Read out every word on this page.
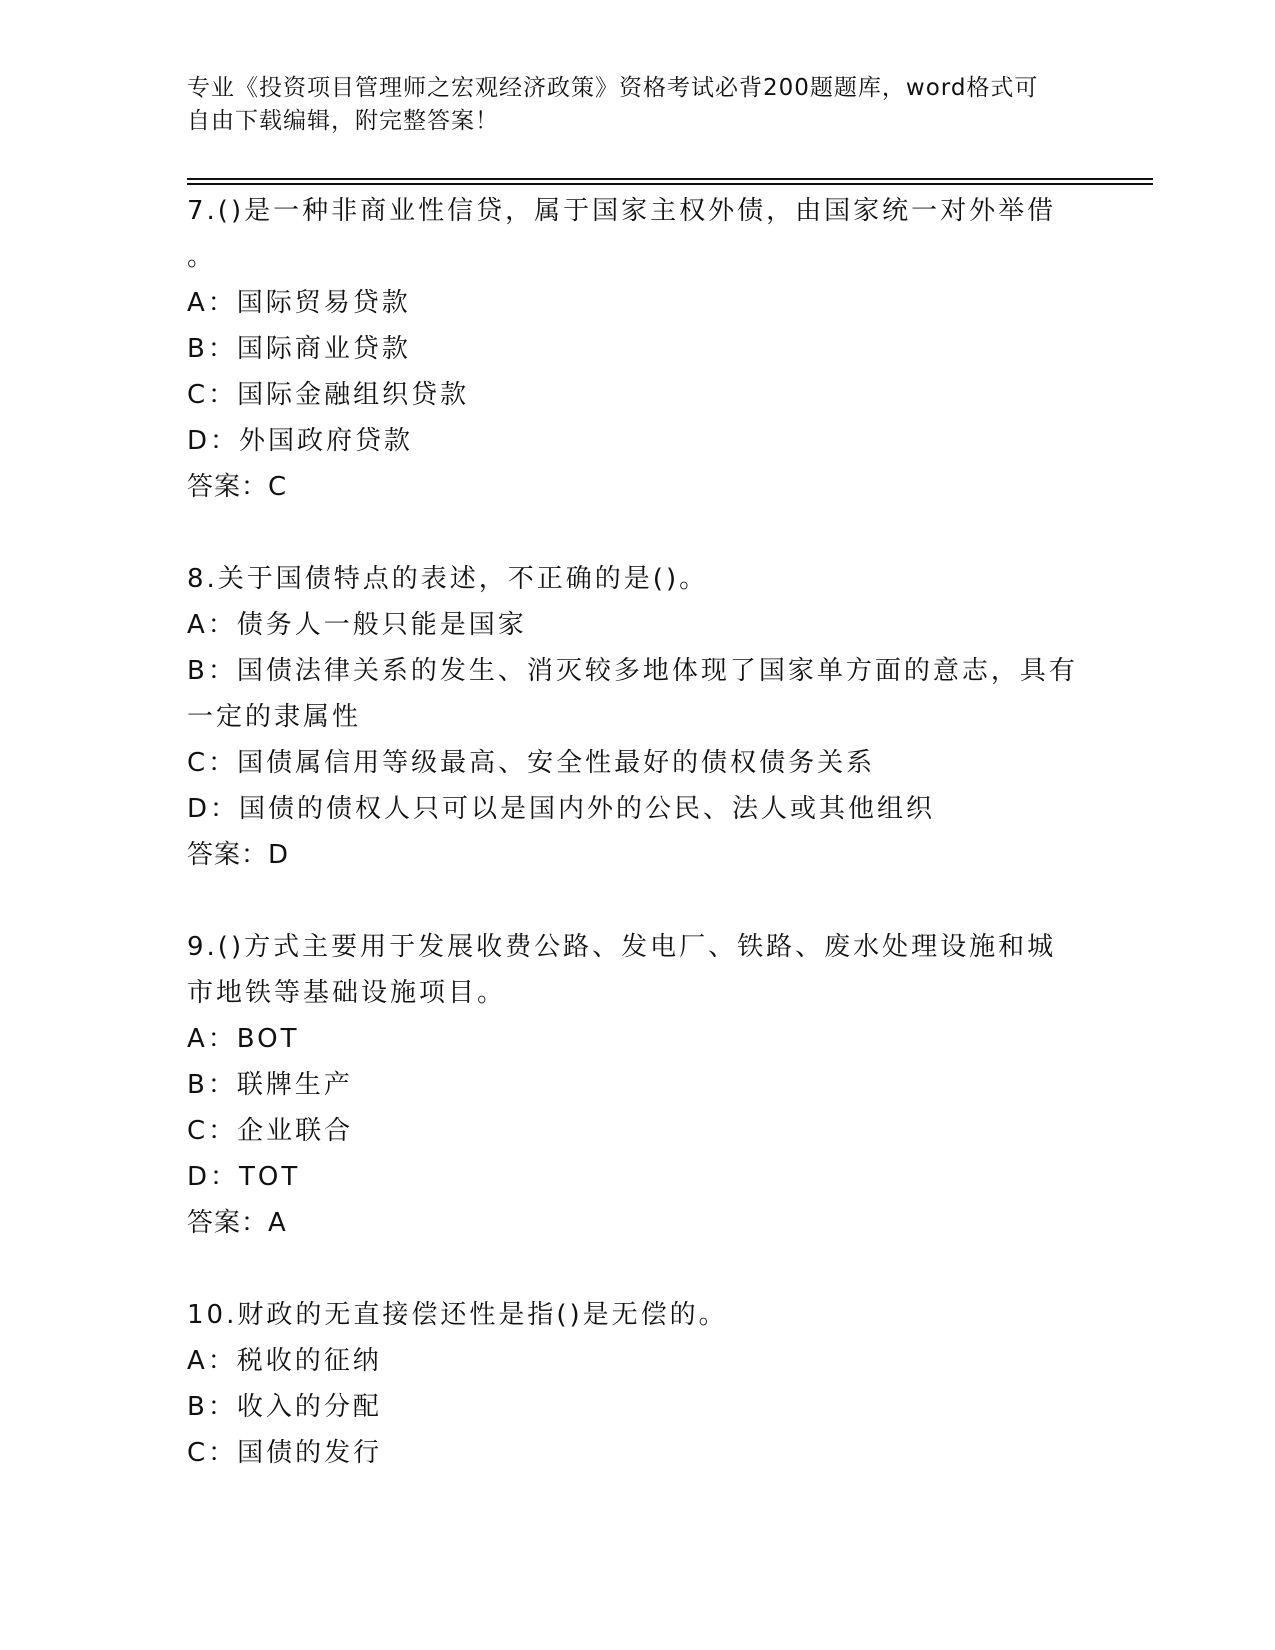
专业《投资项目管理师之宏观经济政策》资格考试必背200题题库，word格式可
自由下载编辑，附完整答案！
7.()是一种非商业性信贷，属于国家主权外债，由国家统一对外举借
。
A：国际贸易贷款
B：国际商业贷款
C：国际金融组织贷款
D：外国政府贷款
答案：C
8.关于国债特点的表述，不正确的是()。
A：债务人一般只能是国家
B：国债法律关系的发生、消灭较多地体现了国家单方面的意志，具有
一定的隶属性
C：国债属信用等级最高、安全性最好的债权债务关系
D：国债的债权人只可以是国内外的公民、法人或其他组织
答案：D
9.()方式主要用于发展收费公路、发电厂、铁路、废水处理设施和城
市地铁等基础设施项目。
A：BOT
B：联牌生产
C：企业联合
D：TOT
答案：A
10.财政的无直接偿还性是指()是无偿的。
A：税收的征纳
B：收入的分配
C：国债的发行
